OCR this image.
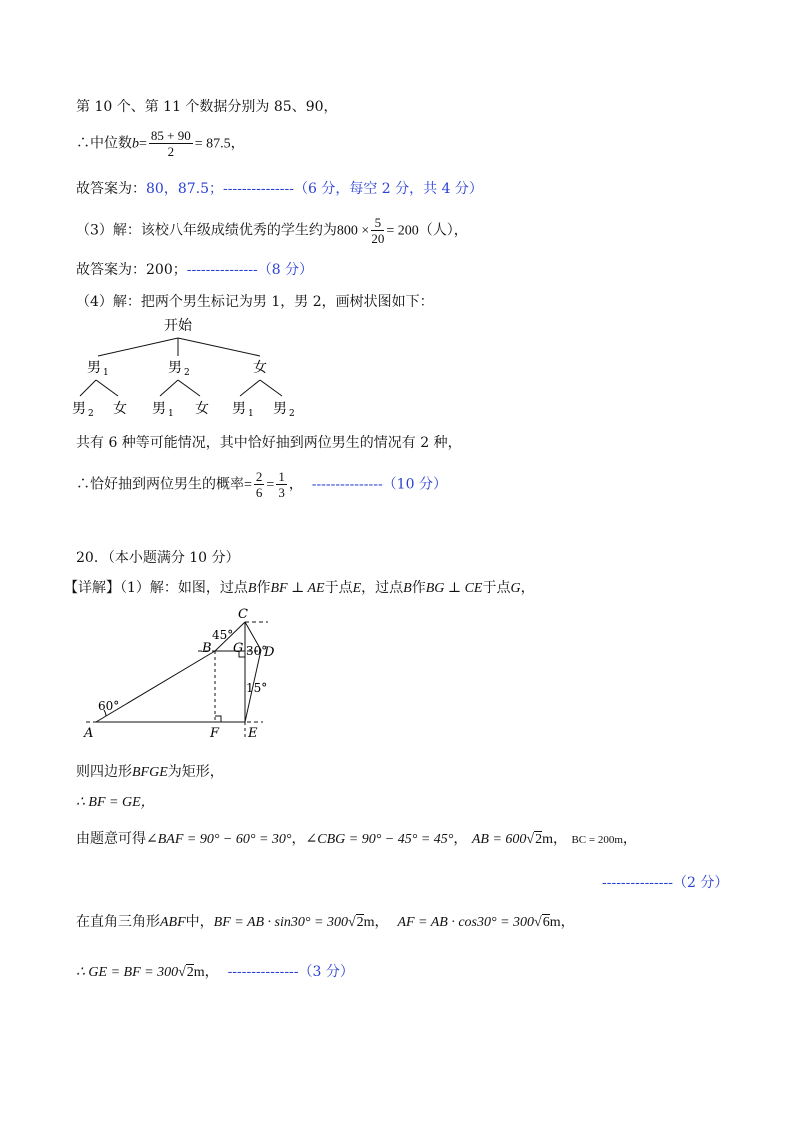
第 10 个、第 11 个数据分别为 85、90，
∴中位数$b= \frac{85 + 90}{2} = 87.5$，
故答案为：80，87.5；---------------（6 分，每空 2 分，共 4 分）
（3）解：该校八年级成绩优秀的学生约为$800 \times \frac{5}{20} = 200$（人），
故答案为：200；---------------（8 分）
（4）解：把两个男生标记为男 1，男 2，画树状图如下：
开始
男 1	男 2	女
男 2 女 男 1 女 男 1 男 2
共有 6 种等可能情况，其中恰好抽到两位男生的情况有 2 种，
∴恰好抽到两位男生的概率= $\frac{2}{6} = \frac{1}{3}$ ， ---------------（10 分）
20．（本小题满分 10 分）
【详解】（1）解：如图，过点B作BF ⊥ AE于点E，过点B作BG ⊥ CE于点G，
C
B G D
A	F E
60°
45°
30°
15°
则四边形BFGE为矩形，
∴ BF = GE，
由题意可得∠BAF = 90° − 60° = 30°，∠CBG = 90° − 45° = 45°， AB = 600√2m， BC = 200m，
---------------（2 分）
在直角三角形ABF中，BF = AB · sin30° = 300√2m， AF = AB · cos30° = 300√6m，
∴ GE = BF = 300√2m， ---------------（3 分）
